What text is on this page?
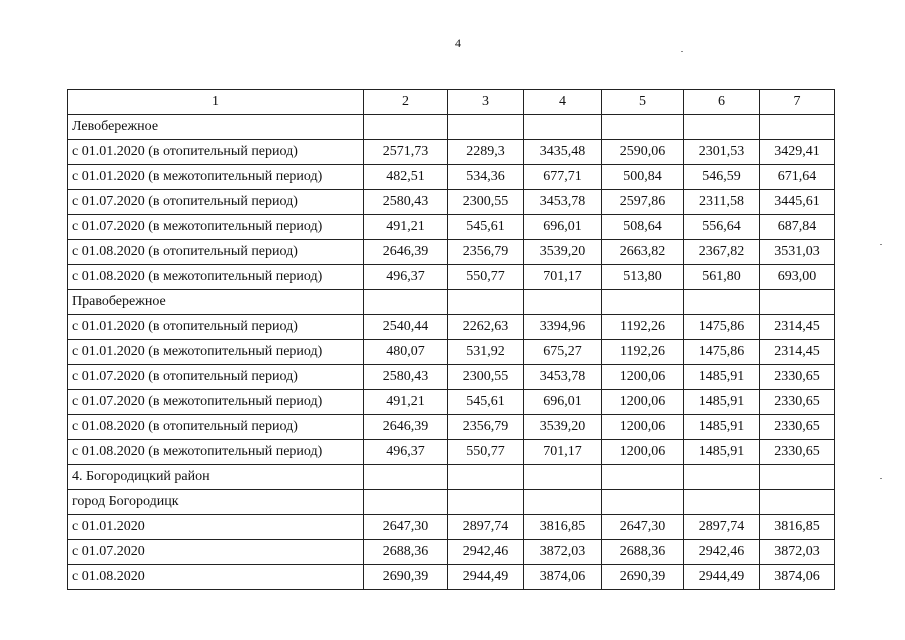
4
1	2	3	4	5	6	7
Левобережное						
с 01.01.2020 (в отопительный период)	2571,73	2289,3	3435,48	2590,06	2301,53	3429,41
с 01.01.2020 (в межотопительный период)	482,51	534,36	677,71	500,84	546,59	671,64
с 01.07.2020 (в отопительный период)	2580,43	2300,55	3453,78	2597,86	2311,58	3445,61
с 01.07.2020 (в межотопительный период)	491,21	545,61	696,01	508,64	556,64	687,84
с 01.08.2020 (в отопительный период)	2646,39	2356,79	3539,20	2663,82	2367,82	3531,03
с 01.08.2020 (в межотопительный период)	496,37	550,77	701,17	513,80	561,80	693,00
Правобережное						
с 01.01.2020 (в отопительный период)	2540,44	2262,63	3394,96	1192,26	1475,86	2314,45
с 01.01.2020 (в межотопительный период)	480,07	531,92	675,27	1192,26	1475,86	2314,45
с 01.07.2020 (в отопительный период)	2580,43	2300,55	3453,78	1200,06	1485,91	2330,65
с 01.07.2020 (в межотопительный период)	491,21	545,61	696,01	1200,06	1485,91	2330,65
с 01.08.2020 (в отопительный период)	2646,39	2356,79	3539,20	1200,06	1485,91	2330,65
с 01.08.2020 (в межотопительный период)	496,37	550,77	701,17	1200,06	1485,91	2330,65
4. Богородицкий район						
город Богородицк						
с 01.01.2020	2647,30	2897,74	3816,85	2647,30	2897,74	3816,85
с 01.07.2020	2688,36	2942,46	3872,03	2688,36	2942,46	3872,03
с 01.08.2020	2690,39	2944,49	3874,06	2690,39	2944,49	3874,06
